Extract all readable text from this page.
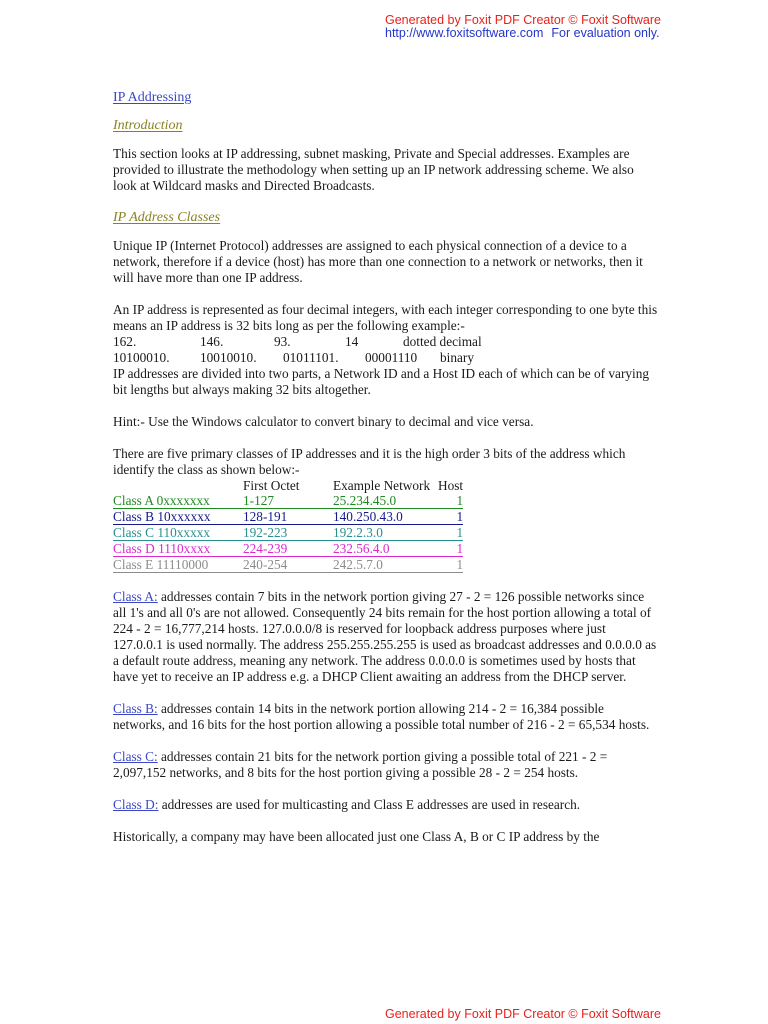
Generated by Foxit PDF Creator © Foxit Software
http://www.foxitsoftware.com For evaluation only.
IP Addressing
Introduction

This section looks at IP addressing, subnet masking, Private and Special addresses. Examples are provided to illustrate the methodology when setting up an IP network addressing scheme. We also look at Wildcard masks and Directed Broadcasts.

IP Address Classes

Unique IP (Internet Protocol) addresses are assigned to each physical connection of a device to a network, therefore if a device (host) has more than one connection to a network or networks, then it will have more than one IP address.

An IP address is represented as four decimal integers, with each integer corresponding to one byte this means an IP address is 32 bits long as per the following example:-
162.	146.	93.	14	dotted decimal
10100010.	10010010.	01011101.	00001110	binary

IP addresses are divided into two parts, a Network ID and a Host ID each of which can be of varying bit lengths but always making 32 bits altogether.

Hint:- Use the Windows calculator to convert binary to decimal and vice versa.

There are five primary classes of IP addresses and it is the high order 3 bits of the address which identify the class as shown below:-
	First Octet	Example Network	Host
Class A 0xxxxxxx	1-127	25.234.45.0	1
Class B 10xxxxxx	128-191	140.250.43.0	1
Class C 110xxxxx	192-223	192.2.3.0	1
Class D 1110xxxx	224-239	232.56.4.0	1
Class E 11110000	240-254	242.5.7.0	1

Class A: addresses contain 7 bits in the network portion giving 27 - 2 = 126 possible networks since all 1's and all 0's are not allowed. Consequently 24 bits remain for the host portion allowing a total of 224 - 2 = 16,777,214 hosts. 127.0.0.0/8 is reserved for loopback address purposes where just 127.0.0.1 is used normally. The address 255.255.255.255 is used as broadcast addresses and 0.0.0.0 as a default route address, meaning any network. The address 0.0.0.0 is sometimes used by hosts that have yet to receive an IP address e.g. a DHCP Client awaiting an address from the DHCP server.

Class B: addresses contain 14 bits in the network portion allowing 214 - 2 = 16,384 possible networks, and 16 bits for the host portion allowing a possible total number of 216 - 2 = 65,534 hosts.

Class C: addresses contain 21 bits for the network portion giving a possible total of 221 - 2 = 2,097,152 networks, and 8 bits for the host portion giving a possible 28 - 2 = 254 hosts.

Class D: addresses are used for multicasting and Class E addresses are used in research.

Historically, a company may have been allocated just one Class A, B or C IP address by the

Generated by Foxit PDF Creator © Foxit Software
